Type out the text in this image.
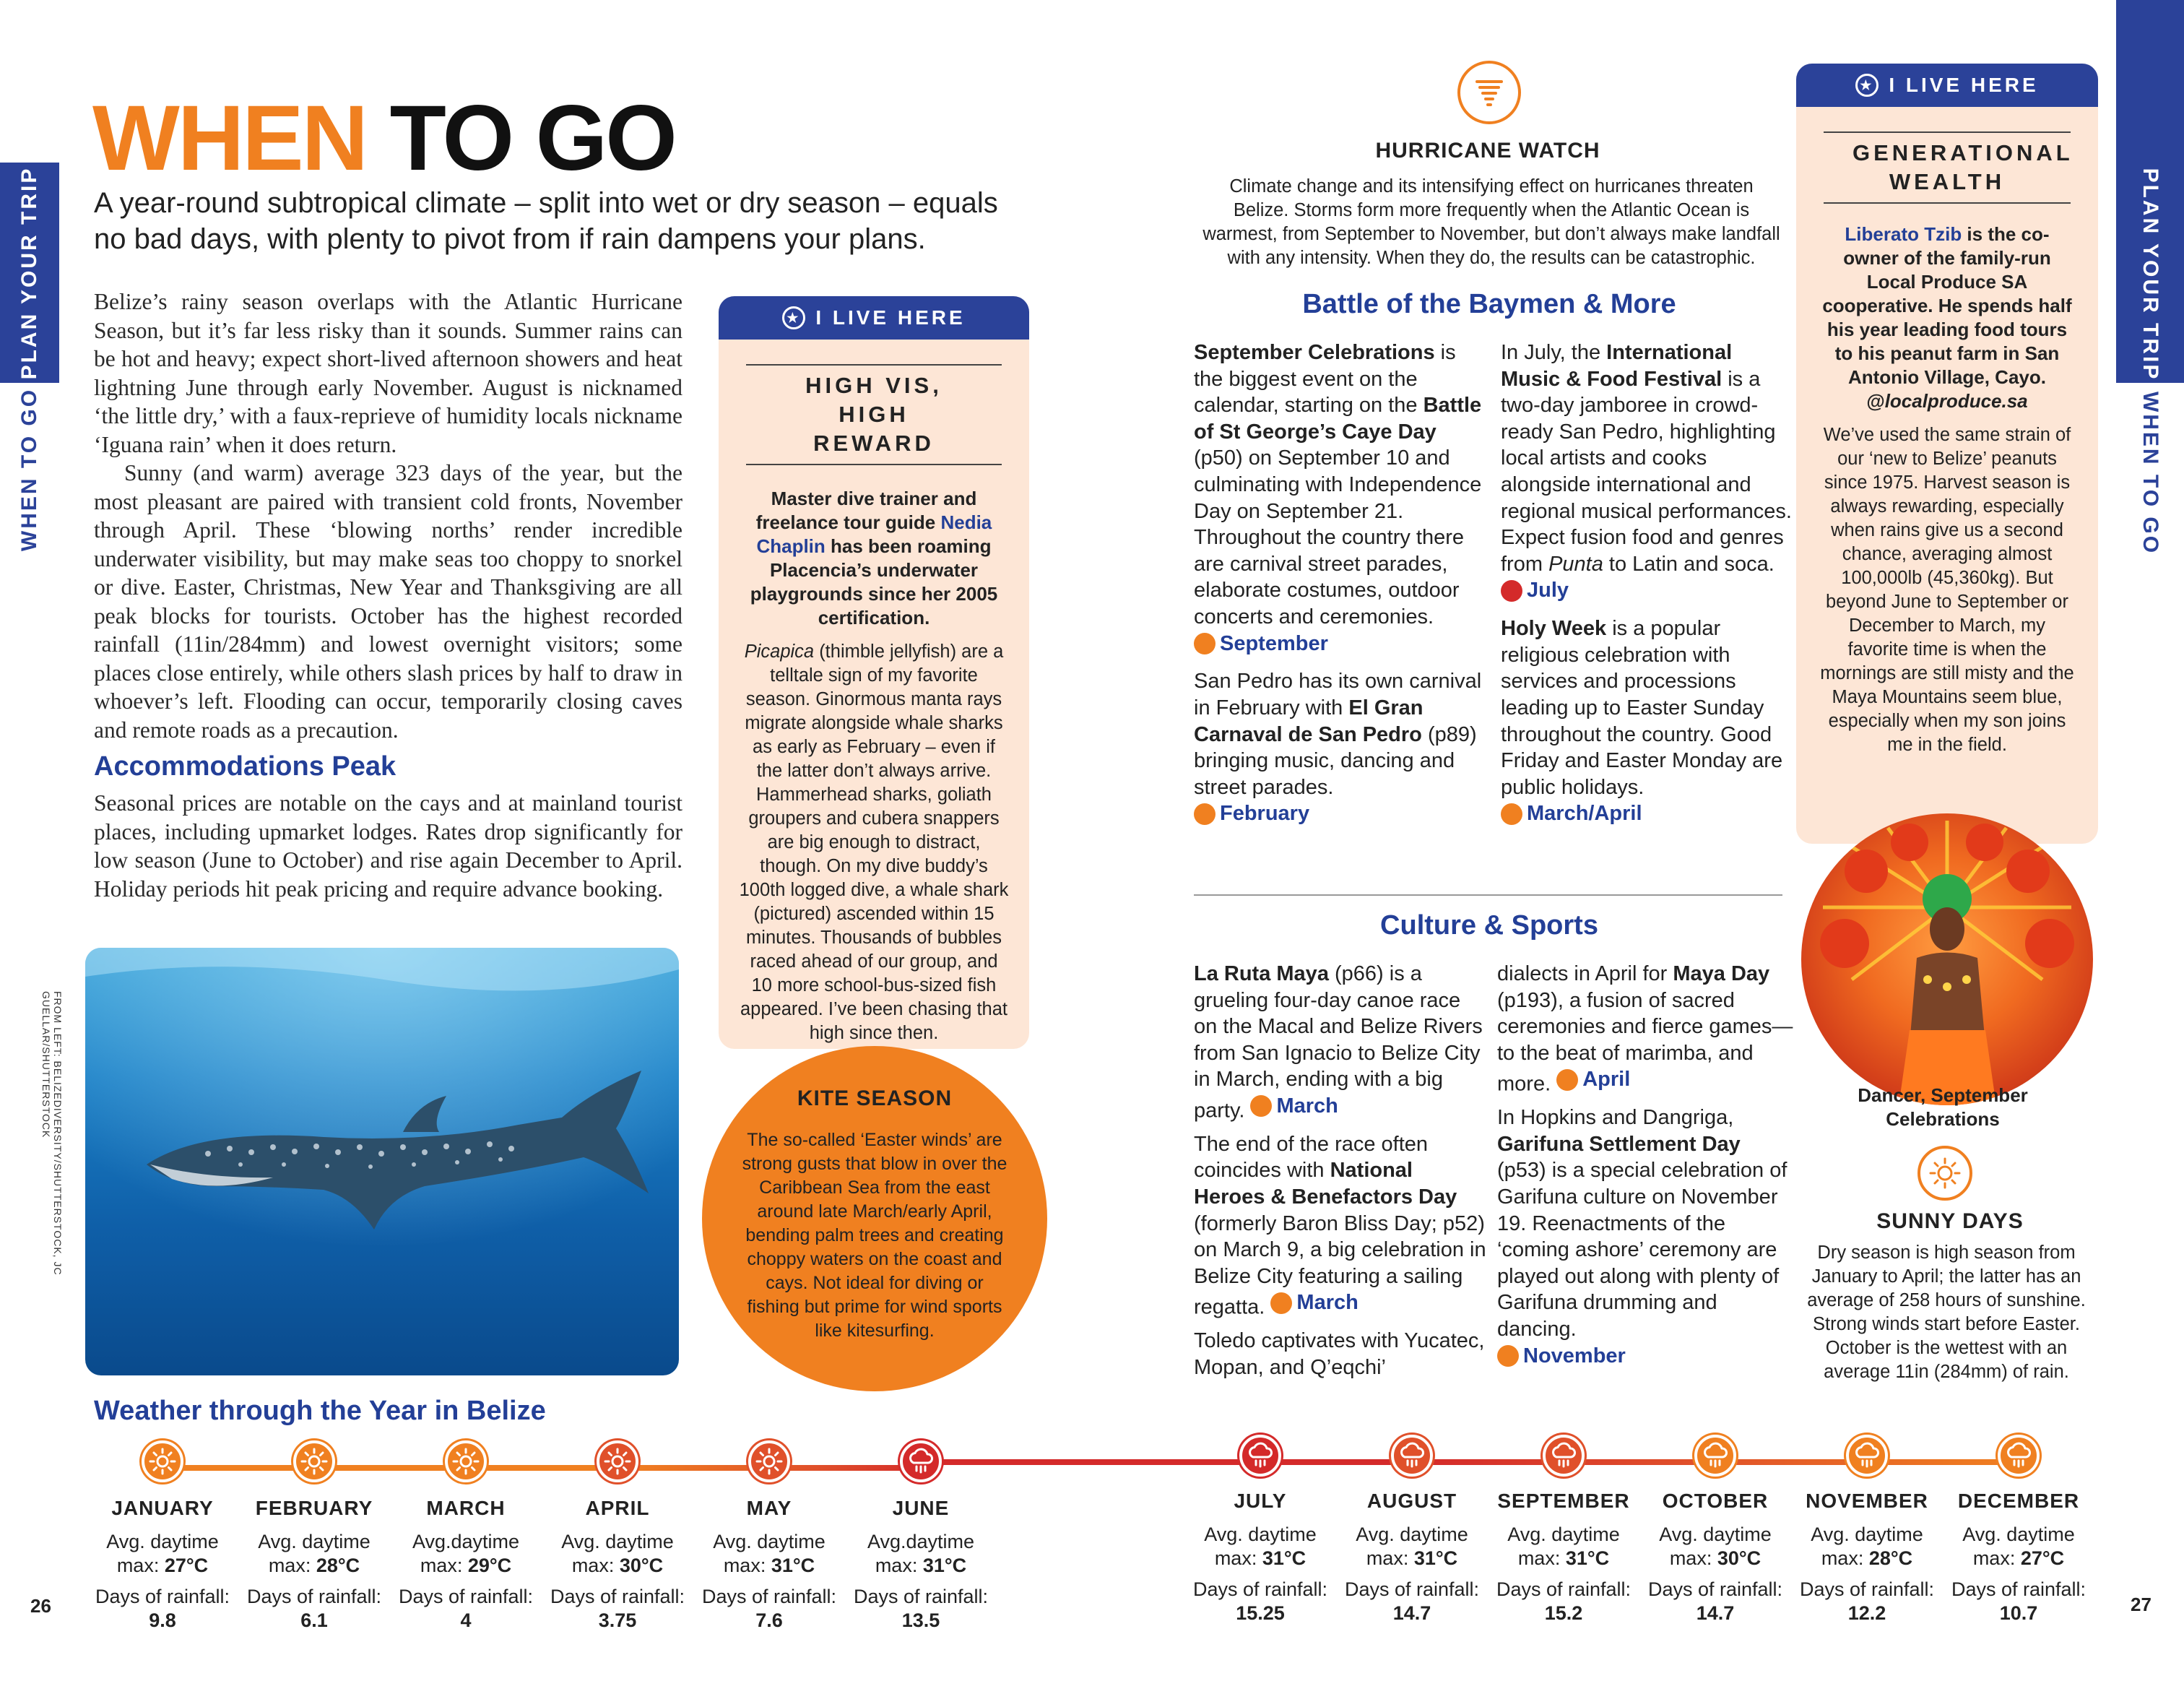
PLAN YOUR TRIP
WHEN TO GO
PLAN YOUR TRIP
WHEN TO GO
WHEN TO GO
A year-round subtropical climate – split into wet or dry season – equals no bad days, with plenty to pivot from if rain dampens your plans.
Belize’s rainy season overlaps with the Atlantic Hurricane Season, but it’s far less risky than it sounds. Summer rains can be hot and heavy; expect short-lived afternoon showers and heat lightning June through early November. August is nicknamed ‘the little dry,’ with a faux-reprieve of humidity locals nickname ‘Iguana rain’ when it does return.
Sunny (and warm) average 323 days of the year, but the most pleasant are paired with transient cold fronts, November through April. These ‘blowing norths’ render incredible underwater visibility, but may make seas too choppy to snorkel or dive. Easter, Christmas, New Year and Thanksgiving are all peak blocks for tourists. October has the highest recorded rainfall (11in/284mm) and lowest overnight visitors; some places close entirely, while others slash prices by half to draw in whoever’s left. Flooding can occur, temporarily closing caves and remote roads as a precaution.
Accommodations Peak
Seasonal prices are notable on the cays and at mainland tourist places, including upmarket lodges. Rates drop significantly for low season (June to October) and rise again December to April. Holiday periods hit peak pricing and require advance booking.
FROM LEFT: BELIZEDIVERSITY/SHUTTERSTOCK, JC GUELLAR/SHUTTERSTOCK
★ I LIVE HERE
HIGH VIS, HIGH REWARD
Master dive trainer and freelance tour guide Nedia Chaplin has been roaming Placencia’s underwater playgrounds since her 2005 certification.
Picapica (thimble jellyfish) are a telltale sign of my favorite season. Ginormous manta rays migrate alongside whale sharks as early as February – even if the latter don’t always arrive. Hammerhead sharks, goliath groupers and cubera snappers are big enough to distract, though. On my dive buddy’s 100th logged dive, a whale shark (pictured) ascended within 15 minutes. Thousands of bubbles raced ahead of our group, and 10 more school-bus-sized fish appeared. I’ve been chasing that high since then.
KITE SEASON
The so-called ‘Easter winds’ are strong gusts that blow in over the Caribbean Sea from the east around late March/early April, bending palm trees and creating choppy waters on the coast and cays. Not ideal for diving or fishing but prime for wind sports like kitesurfing.
HURRICANE WATCH
Climate change and its intensifying effect on hurricanes threaten Belize. Storms form more frequently when the Atlantic Ocean is warmest, from September to November, but don’t always make landfall with any intensity. When they do, the results can be catastrophic.
Battle of the Baymen & More
September Celebrations is the biggest event on the calendar, starting on the Battle of St George’s Caye Day (p50) on September 10 and culminating with Independence Day on September 21. Throughout the country there are carnival street parades, elaborate costumes, outdoor concerts and ceremonies.

September
San Pedro has its own carnival in February with El Gran Carnaval de San Pedro (p89) bringing music, dancing and street parades.

February
In July, the International Music & Food Festival is a two-day jamboree in crowd-ready San Pedro, highlighting local artists and cooks alongside international and regional musical performances. Expect fusion food and genres from Punta to Latin and soca.

July
Holy Week is a popular religious celebration with services and processions leading up to Easter Sunday throughout the country. Good Friday and Easter Monday are public holidays.

March/April
Culture & Sports
La Ruta Maya (p66) is a grueling four-day canoe race on the Macal and Belize Rivers from San Ignacio to Belize City in March, ending with a big party. March
The end of the race often coincides with National Heroes & Benefactors Day (formerly Baron Bliss Day; p52) on March 9, a big celebration in Belize City featuring a sailing regatta. March
Toledo captivates with Yucatec, Mopan, and Q’eqchi’
dialects in April for Maya Day (p193), a fusion of sacred ceremonies and fierce games— to the beat of marimba, and more. April
In Hopkins and Dangriga, Garifuna Settlement Day (p53) is a special celebration of Garifuna culture on November 19. Reenactments of the ‘coming ashore’ ceremony are played out along with plenty of Garifuna drumming and dancing.

November
★ I LIVE HERE
GENERATIONAL WEALTH
Liberato Tzib is the co-owner of the family-run Local Produce SA cooperative. He spends half his year leading food tours to his peanut farm in San Antonio Village, Cayo. @localproduce.sa
We’ve used the same strain of our ‘new to Belize’ peanuts since 1975. Harvest season is always rewarding, especially when rains give us a second chance, averaging almost 100,000lb (45,360kg). But beyond June to September or December to March, my favorite time is when the mornings are still misty and the Maya Mountains seem blue, especially when my son joins me in the field.
Dancer, September Celebrations
SUNNY DAYS
Dry season is high season from January to April; the latter has an average of 258 hours of sunshine. Strong winds start before Easter. October is the wettest with an average 11in (284mm) of rain.
Weather through the Year in Belize
JANUARY
Avg. daytime
max: 27°C
Days of rainfall:
9.8
FEBRUARY
Avg. daytime
max: 28°C
Days of rainfall:
6.1
MARCH
Avg.daytime
max: 29°C
Days of rainfall:
4
APRIL
Avg. daytime
max: 30°C
Days of rainfall:
3.75
MAY
Avg. daytime
max: 31°C
Days of rainfall:
7.6
JUNE
Avg.daytime
max: 31°C
Days of rainfall:
13.5
JULY
Avg. daytime
max: 31°C
Days of rainfall:
15.25
AUGUST
Avg. daytime
max: 31°C
Days of rainfall:
14.7
SEPTEMBER
Avg. daytime
max: 31°C
Days of rainfall:
15.2
OCTOBER
Avg. daytime
max: 30°C
Days of rainfall:
14.7
NOVEMBER
Avg. daytime
max: 28°C
Days of rainfall:
12.2
DECEMBER
Avg. daytime
max: 27°C
Days of rainfall:
10.7
26	27
